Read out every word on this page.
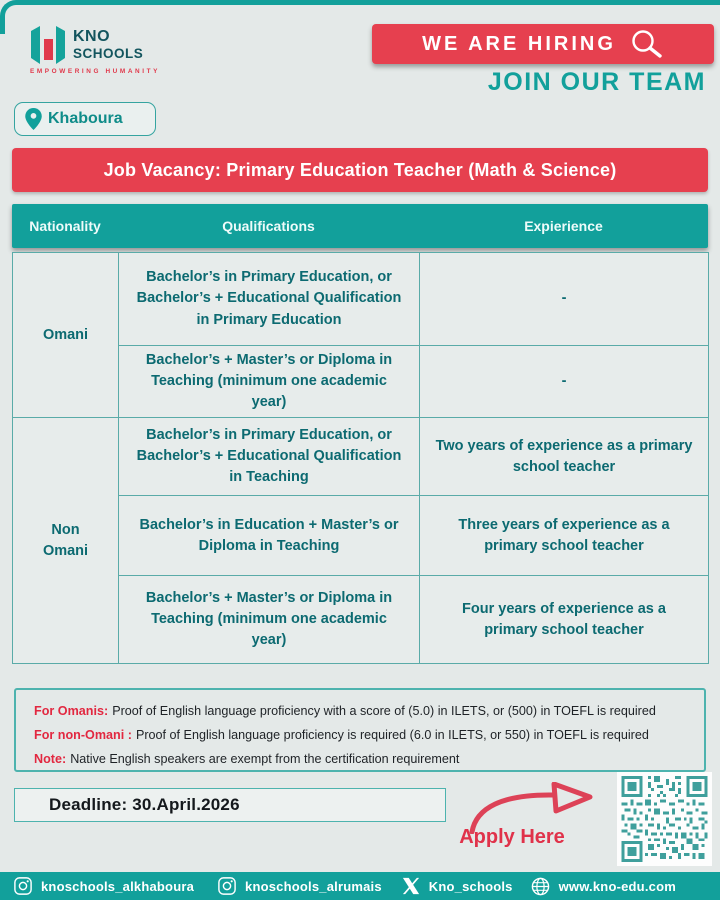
KNO
SCHOOLS
EMPOWERING HUMANITY
WE ARE HIRING
JOIN OUR TEAM
Khaboura
Job Vacancy: Primary Education Teacher (Math & Science)
Nationality	Qualifications	Expierience
Omani	Bachelor’s in Primary Education, or Bachelor’s + Educational Qualification in Primary Education	-
	Bachelor’s + Master’s or Diploma in Teaching (minimum one academic year)	-
Non Omani	Bachelor’s in Primary Education, or Bachelor’s + Educational Qualification in Teaching	Two years of experience as a primary school teacher
	Bachelor’s in Education + Master’s or Diploma in Teaching	Three years of experience as a primary school teacher
	Bachelor’s + Master’s or Diploma in Teaching (minimum one academic year)	Four years of experience as a primary school teacher
For Omanis: Proof of English language proficiency with a score of (5.0) in ILETS, or (500) in TOEFL is required
For non-Omani : Proof of English language proficiency is required (6.0 in ILETS, or 550) in TOEFL is required
Note: Native English speakers are exempt from the certification requirement
Deadline: 30.April.2026
Apply Here
knoschools_alkhaboura	knoschools_alrumais	Kno_schools	www.kno-edu.com
